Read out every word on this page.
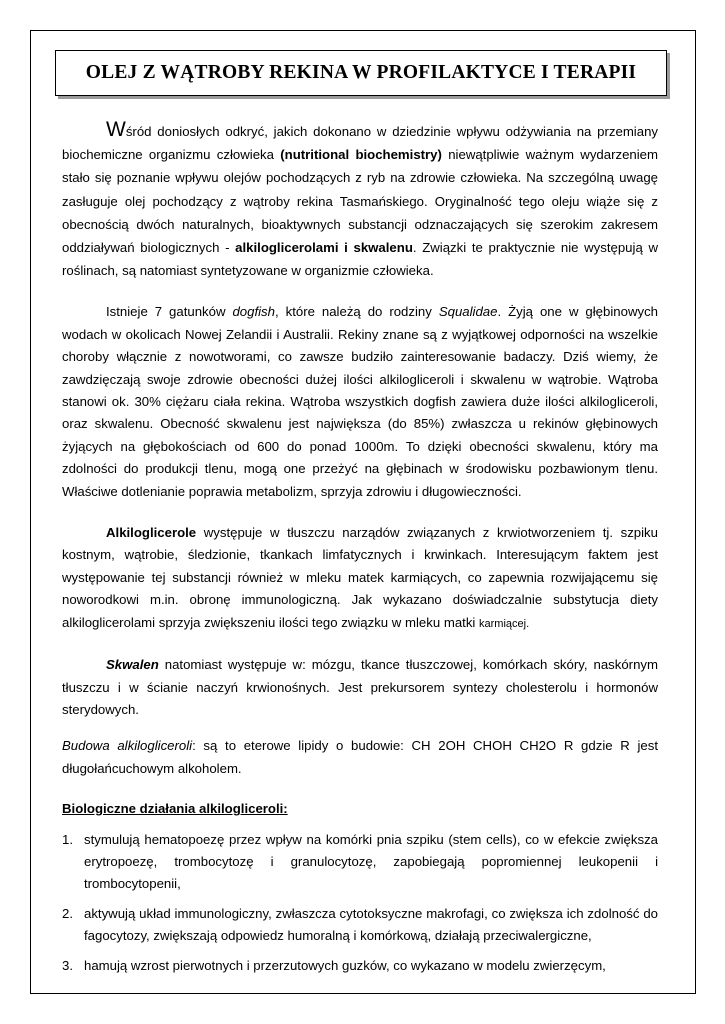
OLEJ Z WĄTROBY REKINA W PROFILAKTYCE I TERAPII

Wśród doniosłych odkryć, jakich dokonano w dziedzinie wpływu odżywiania na przemiany biochemiczne organizmu człowieka (nutritional biochemistry) niewątpliwie ważnym wydarzeniem stało się poznanie wpływu olejów pochodzących z ryb na zdrowie człowieka. Na szczególną uwagę zasługuje olej pochodzący z wątroby rekina Tasmańskiego. Oryginalność tego oleju wiąże się z obecnością dwóch naturalnych, bioaktywnych substancji odznaczających się szerokim zakresem oddziaływań biologicznych - alkiloglicerolami i skwalenu. Związki te praktycznie nie występują w roślinach, są natomiast syntetyzowane w organizmie człowieka.

Istnieje 7 gatunków dogfish, które należą do rodziny Squalidae. Żyją one w głębinowych wodach w okolicach Nowej Zelandii i Australii. Rekiny znane są z wyjątkowej odporności na wszelkie choroby włącznie z nowotworami, co zawsze budziło zainteresowanie badaczy. Dziś wiemy, że zawdzięczają swoje zdrowie obecności dużej ilości alkilogliceroli i skwalenu w wątrobie. Wątroba stanowi ok. 30% ciężaru ciała rekina. Wątroba wszystkich dogfish zawiera duże ilości alkilogliceroli, oraz skwalenu. Obecność skwalenu jest największa (do 85%) zwłaszcza u rekinów głębinowych żyjących na głębokościach od 600 do ponad 1000m. To dzięki obecności skwalenu, który ma zdolności do produkcji tlenu, mogą one przeżyć na głębinach w środowisku pozbawionym tlenu. Właściwe dotlenianie poprawia metabolizm, sprzyja zdrowiu i długowieczności.

Alkiloglicerole występuje w tłuszczu narządów związanych z krwiotworzeniem tj. szpiku kostnym, wątrobie, śledzionie, tkankach limfatycznych i krwinkach. Interesującym faktem jest występowanie tej substancji również w mleku matek karmiących, co zapewnia rozwijającemu się noworodkowi m.in. obronę immunologiczną. Jak wykazano doświadczalnie substytucja diety alkiloglicerolami sprzyja zwiększeniu ilości tego związku w mleku matki karmiącej.

Skwalen natomiast występuje w: mózgu, tkance tłuszczowej, komórkach skóry, naskórnym tłuszczu i w ścianie naczyń krwionośnych. Jest prekursorem syntezy cholesterolu i hormonów sterydowych.

Budowa alkilogliceroli: są to eterowe lipidy o budowie: CH 2OH CHOH CH2O R gdzie R jest długołańcuchowym alkoholem.

Biologiczne działania alkilogliceroli:

1. stymulują hematopoezę przez wpływ na komórki pnia szpiku (stem cells), co w efekcie zwiększa erytropoezę, trombocytozę i granulocytozę, zapobiegają popromiennej leukopenii i trombocytopenii,
2. aktywują układ immunologiczny, zwłaszcza cytotoksyczne makrofagi, co zwiększa ich zdolność do fagocytozy, zwiększają odpowiedz humoralną i komórkową, działają przeciwalergiczne,
3. hamują wzrost pierwotnych i przerzutowych guzków, co wykazano w modelu zwierzęcym,
